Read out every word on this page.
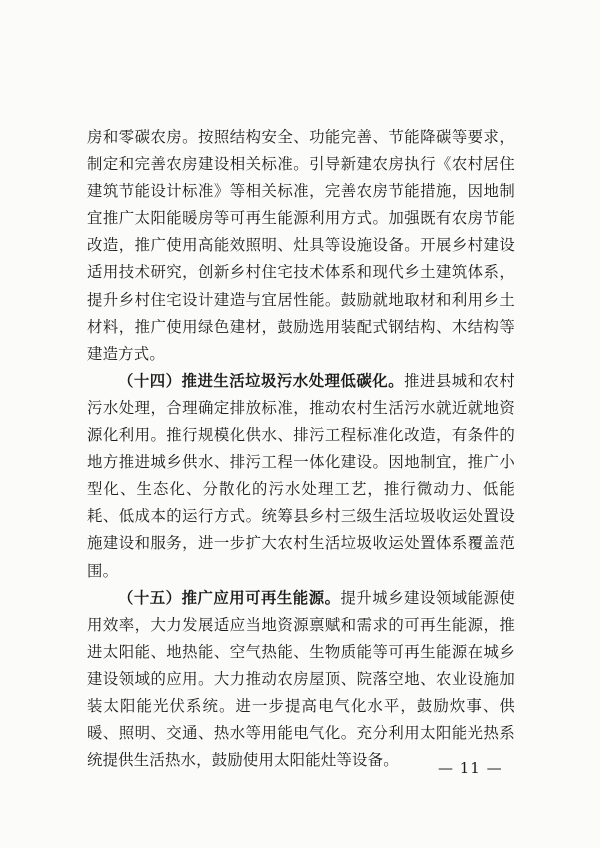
房和零碳农房。按照结构安全、功能完善、节能降碳等要求，制定和完善农房建设相关标准。引导新建农房执行《农村居住建筑节能设计标准》等相关标准，完善农房节能措施，因地制宜推广太阳能暖房等可再生能源利用方式。加强既有农房节能改造，推广使用高能效照明、灶具等设施设备。开展乡村建设适用技术研究，创新乡村住宅技术体系和现代乡土建筑体系，提升乡村住宅设计建造与宜居性能。鼓励就地取材和利用乡土材料，推广使用绿色建材，鼓励选用装配式钢结构、木结构等建造方式。

（十四）推进生活垃圾污水处理低碳化。推进县城和农村污水处理，合理确定排放标准，推动农村生活污水就近就地资源化利用。推行规模化供水、排污工程标准化改造，有条件的地方推进城乡供水、排污工程一体化建设。因地制宜，推广小型化、生态化、分散化的污水处理工艺，推行微动力、低能耗、低成本的运行方式。统筹县乡村三级生活垃圾收运处置设施建设和服务，进一步扩大农村生活垃圾收运处置体系覆盖范围。

（十五）推广应用可再生能源。提升城乡建设领域能源使用效率，大力发展适应当地资源禀赋和需求的可再生能源，推进太阳能、地热能、空气热能、生物质能等可再生能源在城乡建设领域的应用。大力推动农房屋顶、院落空地、农业设施加装太阳能光伏系统。进一步提高电气化水平，鼓励炊事、供暖、照明、交通、热水等用能电气化。充分利用太阳能光热系统提供生活热水，鼓励使用太阳能灶等设备。	— 11 —
